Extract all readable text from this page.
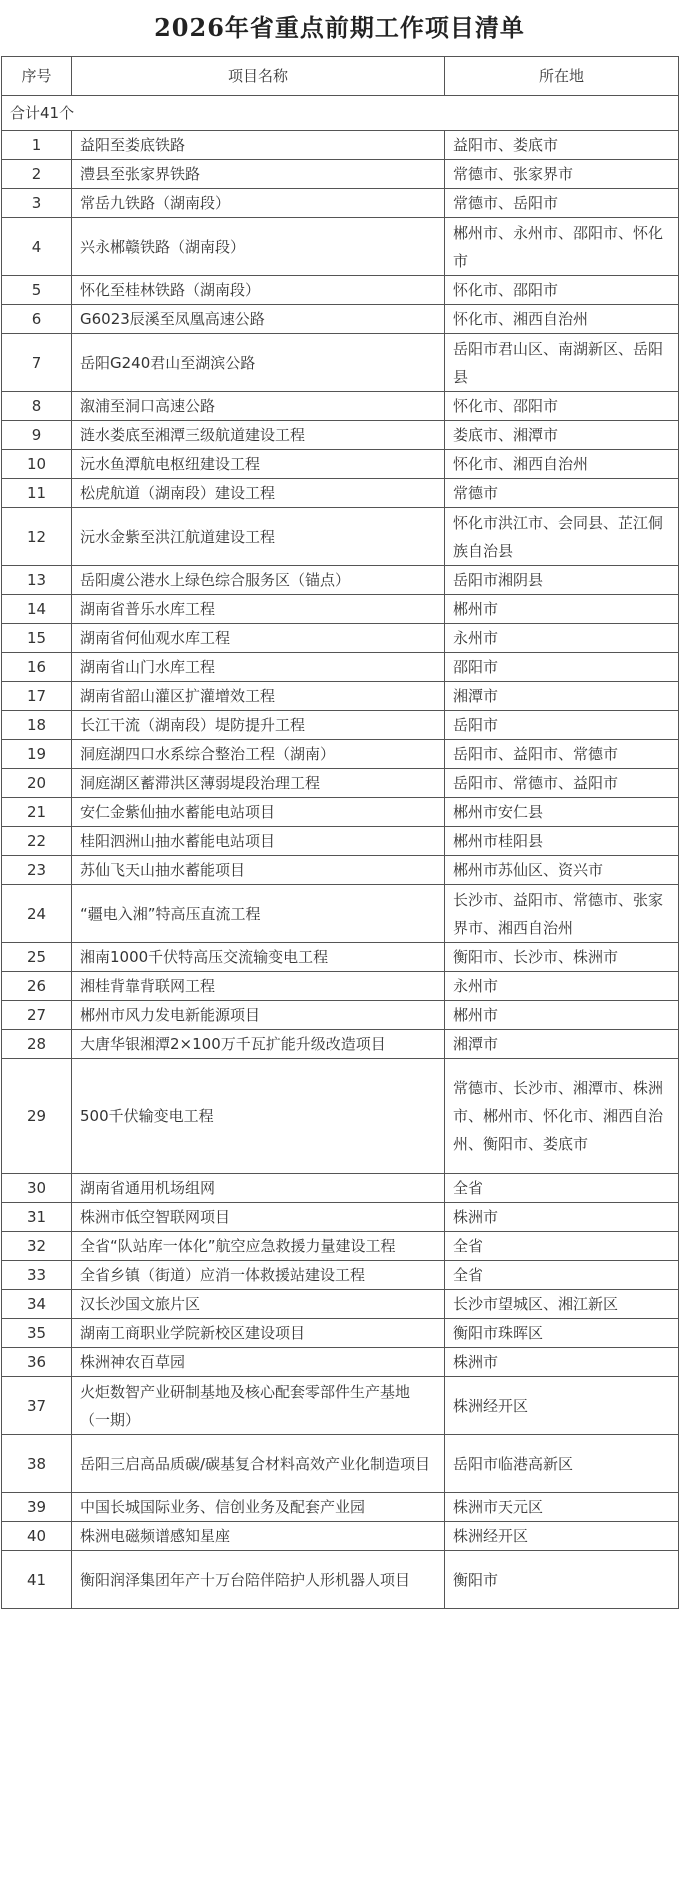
2026年省重点前期工作项目清单
序号	项目名称	所在地
合计41个		
1	益阳至娄底铁路	益阳市、娄底市
2	澧县至张家界铁路	常德市、张家界市
3	常岳九铁路（湖南段）	常德市、岳阳市
4	兴永郴赣铁路（湖南段）	郴州市、永州市、邵阳市、怀化市
5	怀化至桂林铁路（湖南段）	怀化市、邵阳市
6	G6023辰溪至凤凰高速公路	怀化市、湘西自治州
7	岳阳G240君山至湖滨公路	岳阳市君山区、南湖新区、岳阳县
8	溆浦至洞口高速公路	怀化市、邵阳市
9	涟水娄底至湘潭三级航道建设工程	娄底市、湘潭市
10	沅水鱼潭航电枢纽建设工程	怀化市、湘西自治州
11	松虎航道（湖南段）建设工程	常德市
12	沅水金紫至洪江航道建设工程	怀化市洪江市、会同县、芷江侗族自治县
13	岳阳虞公港水上绿色综合服务区（锚点）	岳阳市湘阴县
14	湖南省普乐水库工程	郴州市
15	湖南省何仙观水库工程	永州市
16	湖南省山门水库工程	邵阳市
17	湖南省韶山灌区扩灌增效工程	湘潭市
18	长江干流（湖南段）堤防提升工程	岳阳市
19	洞庭湖四口水系综合整治工程（湖南）	岳阳市、益阳市、常德市
20	洞庭湖区蓄滞洪区薄弱堤段治理工程	岳阳市、常德市、益阳市
21	安仁金紫仙抽水蓄能电站项目	郴州市安仁县
22	桂阳泗洲山抽水蓄能电站项目	郴州市桂阳县
23	苏仙飞天山抽水蓄能项目	郴州市苏仙区、资兴市
24	“疆电入湘”特高压直流工程	长沙市、益阳市、常德市、张家界市、湘西自治州
25	湘南1000千伏特高压交流输变电工程	衡阳市、长沙市、株洲市
26	湘桂背靠背联网工程	永州市
27	郴州市风力发电新能源项目	郴州市
28	大唐华银湘潭2×100万千瓦扩能升级改造项目	湘潭市
29	500千伏输变电工程	常德市、长沙市、湘潭市、株洲市、郴州市、怀化市、湘西自治州、衡阳市、娄底市
30	湖南省通用机场组网	全省
31	株洲市低空智联网项目	株洲市
32	全省“队站库一体化”航空应急救援力量建设工程	全省
33	全省乡镇（街道）应消一体救援站建设工程	全省
34	汉长沙国文旅片区	长沙市望城区、湘江新区
35	湖南工商职业学院新校区建设项目	衡阳市珠晖区
36	株洲神农百草园	株洲市
37	火炬数智产业研制基地及核心配套零部件生产基地（一期）	株洲经开区
38	岳阳三启高品质碳/碳基复合材料高效产业化制造项目	岳阳市临港高新区
39	中国长城国际业务、信创业务及配套产业园	株洲市天元区
40	株洲电磁频谱感知星座	株洲经开区
41	衡阳润泽集团年产十万台陪伴陪护人形机器人项目	衡阳市
